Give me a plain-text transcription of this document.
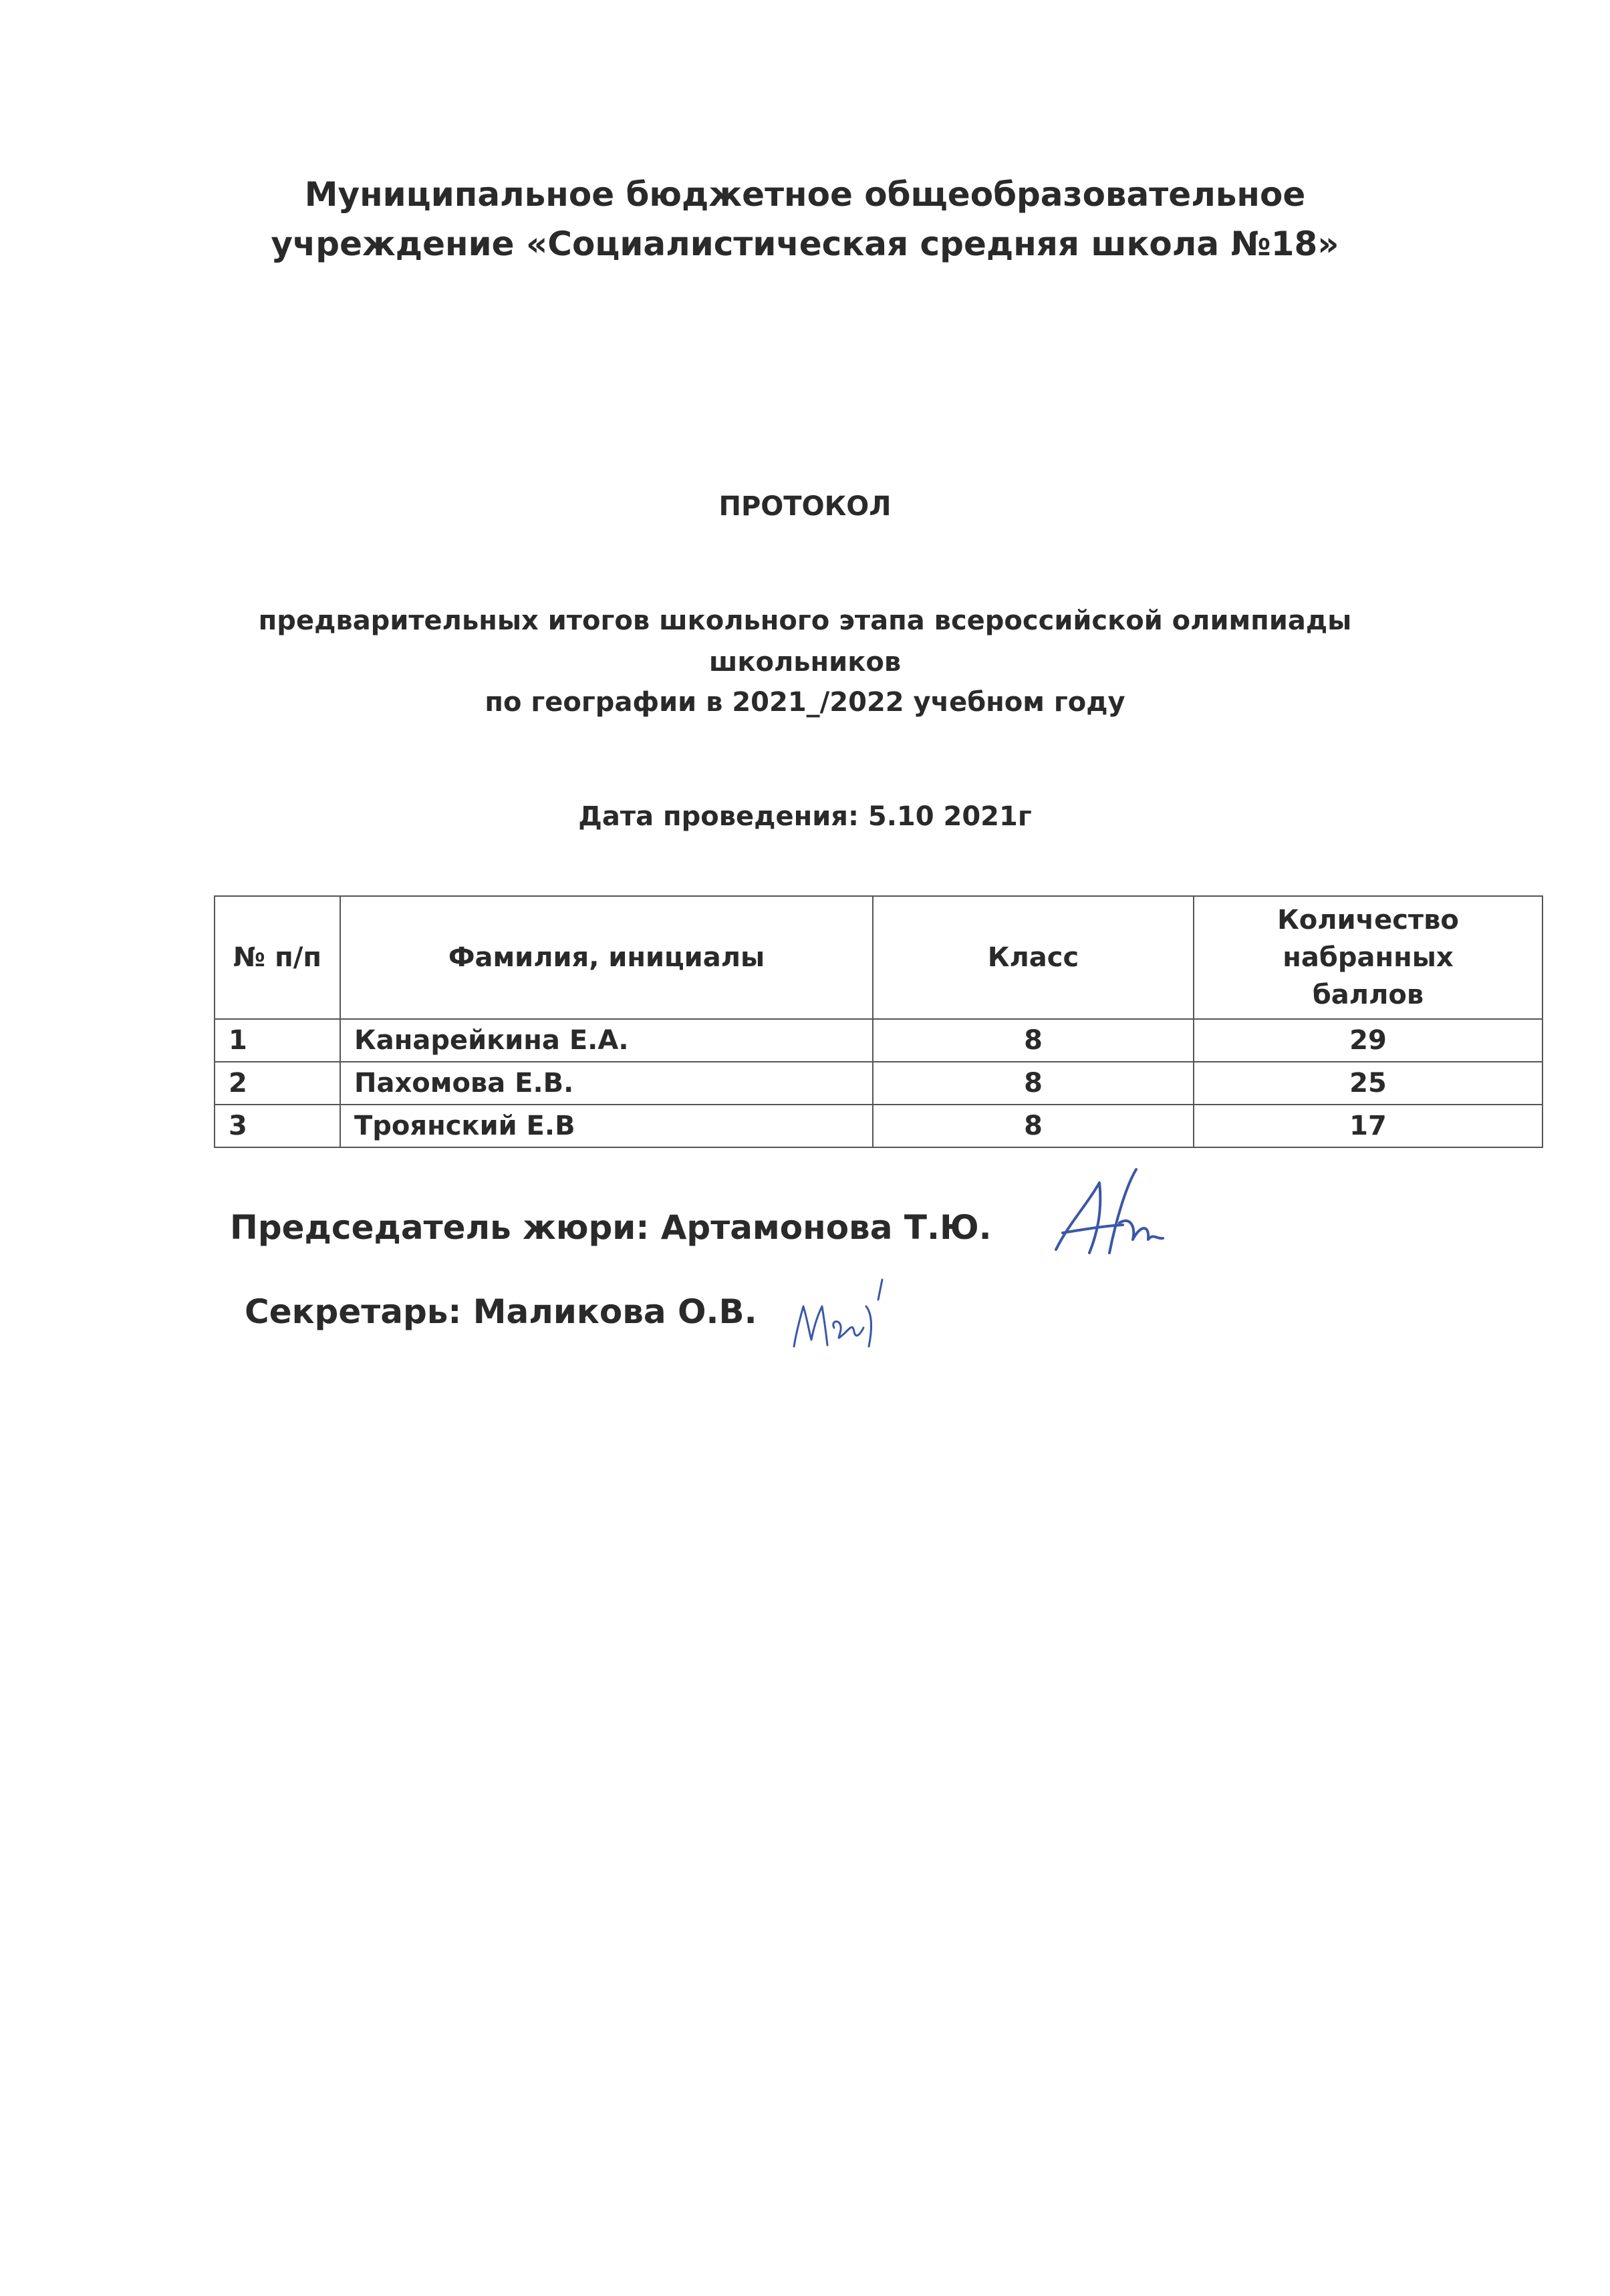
Муниципальное бюджетное общеобразовательное
учреждение «Социалистическая средняя школа №18»
ПРОТОКОЛ
предварительных итогов школьного этапа всероссийской олимпиады
школьников
по географии в 2021_/2022 учебном году
Дата проведения: 5.10 2021г
№ п/п	Фамилия, инициалы	Класс	Количество
набранных
баллов
1	Канарейкина Е.А.	8	29
2	Пахомова Е.В.	8	25
3	Троянский Е.В	8	17
Председатель жюри: Артамонова Т.Ю.
Секретарь: Маликова О.В.
